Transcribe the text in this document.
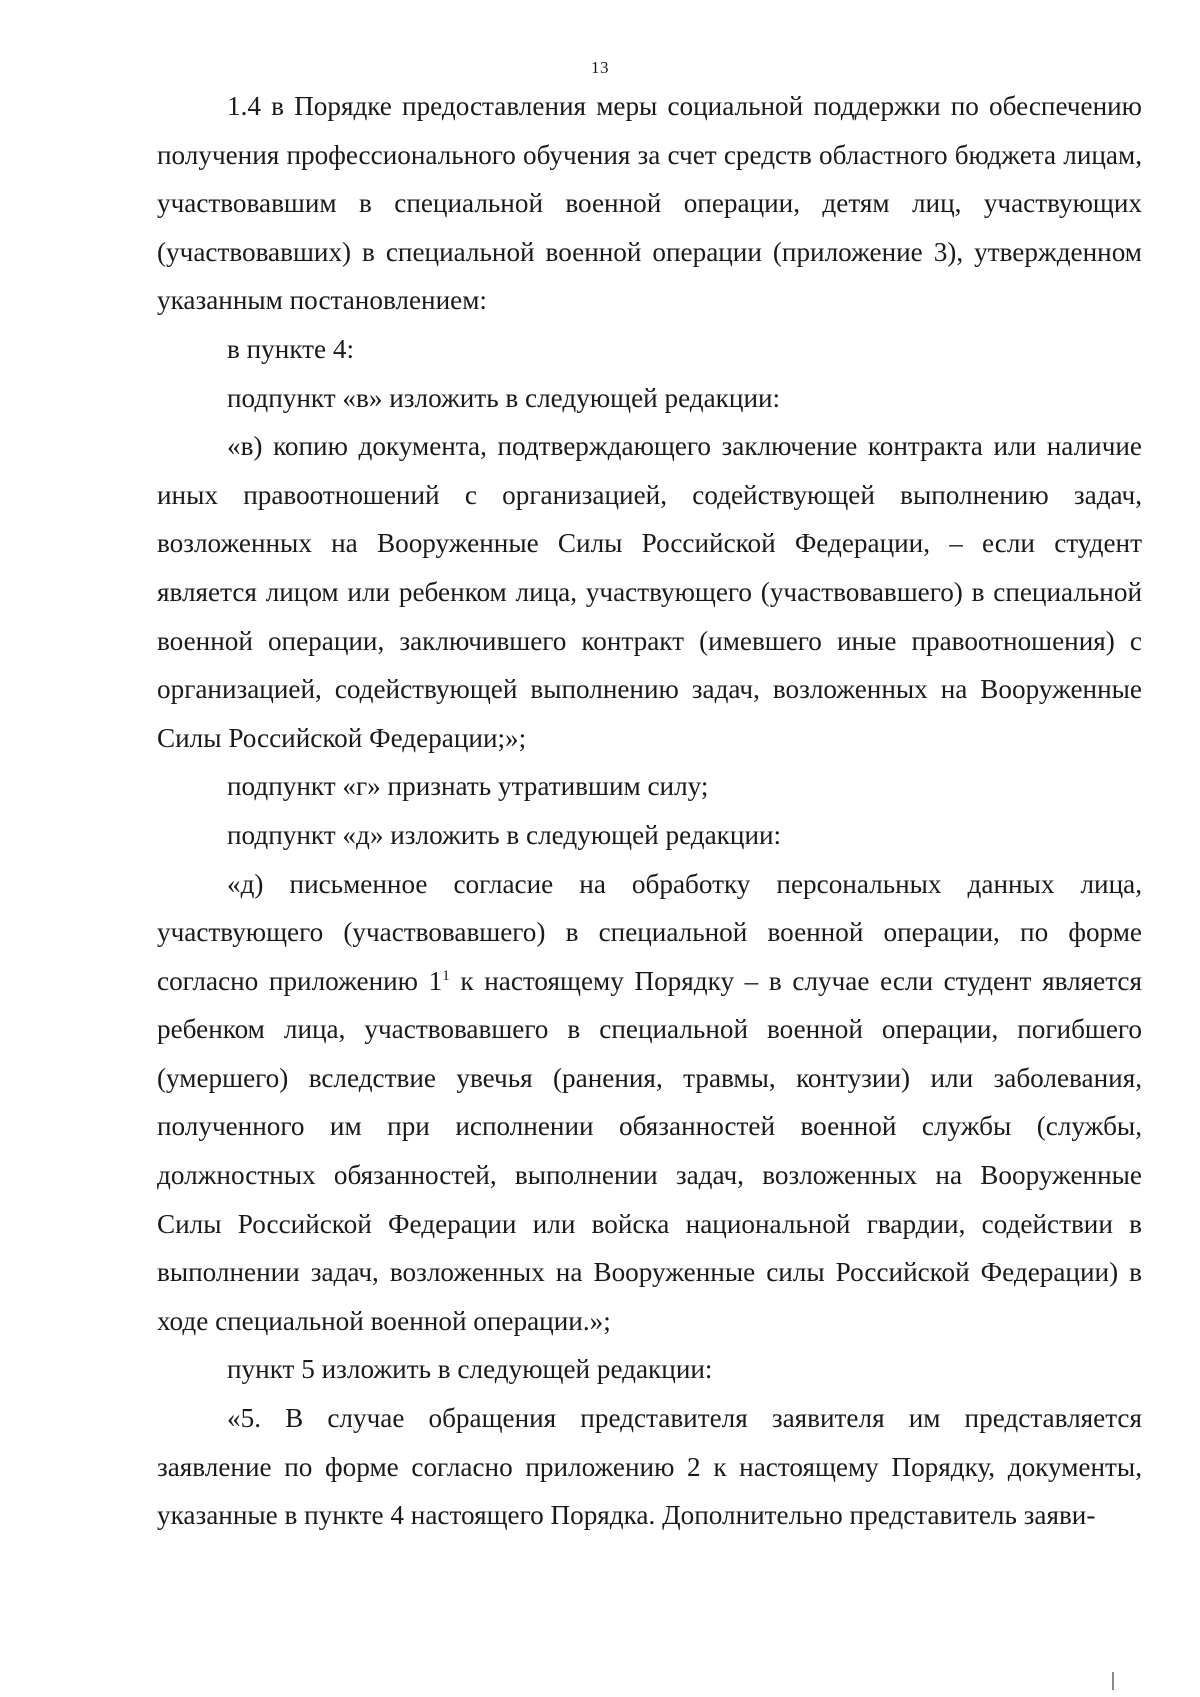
13

1.4 в Порядке предоставления меры социальной поддержки по обеспечению получения профессионального обучения за счет средств областного бюджета лицам, участвовавшим в специальной военной операции, детям лиц, участвующих (участвовавших) в специальной военной операции (приложение 3), утвержденном указанным постановлением:

в пункте 4:

подпункт «в» изложить в следующей редакции:

«в) копию документа, подтверждающего заключение контракта или наличие иных правоотношений с организацией, содействующей выполнению задач, возложенных на Вооруженные Силы Российской Федерации, – если студент является лицом или ребенком лица, участвующего (участвовавшего) в специальной военной операции, заключившего контракт (имевшего иные правоотношения) с организацией, содействующей выполнению задач, возложенных на Вооруженные Силы Российской Федерации;»;

подпункт «г» признать утратившим силу;

подпункт «д» изложить в следующей редакции:

«д) письменное согласие на обработку персональных данных лица, участвующего (участвовавшего) в специальной военной операции, по форме согласно приложению $1^1$ к настоящему Порядку – в случае если студент является ребенком лица, участвовавшего в специальной военной операции, погибшего (умершего) вследствие увечья (ранения, травмы, контузии) или заболевания, полученного им при исполнении обязанностей военной службы (службы, должностных обязанностей, выполнении задач, возложенных на Вооруженные Силы Российской Федерации или войска национальной гвардии, содействии в выполнении задач, возложенных на Вооруженные силы Российской Федерации) в ходе специальной военной операции.»;

пункт 5 изложить в следующей редакции:

«5. В случае обращения представителя заявителя им представляется заявление по форме согласно приложению 2 к настоящему Порядку, документы, указанные в пункте 4 настоящего Порядка. Дополнительно представитель заяви-
